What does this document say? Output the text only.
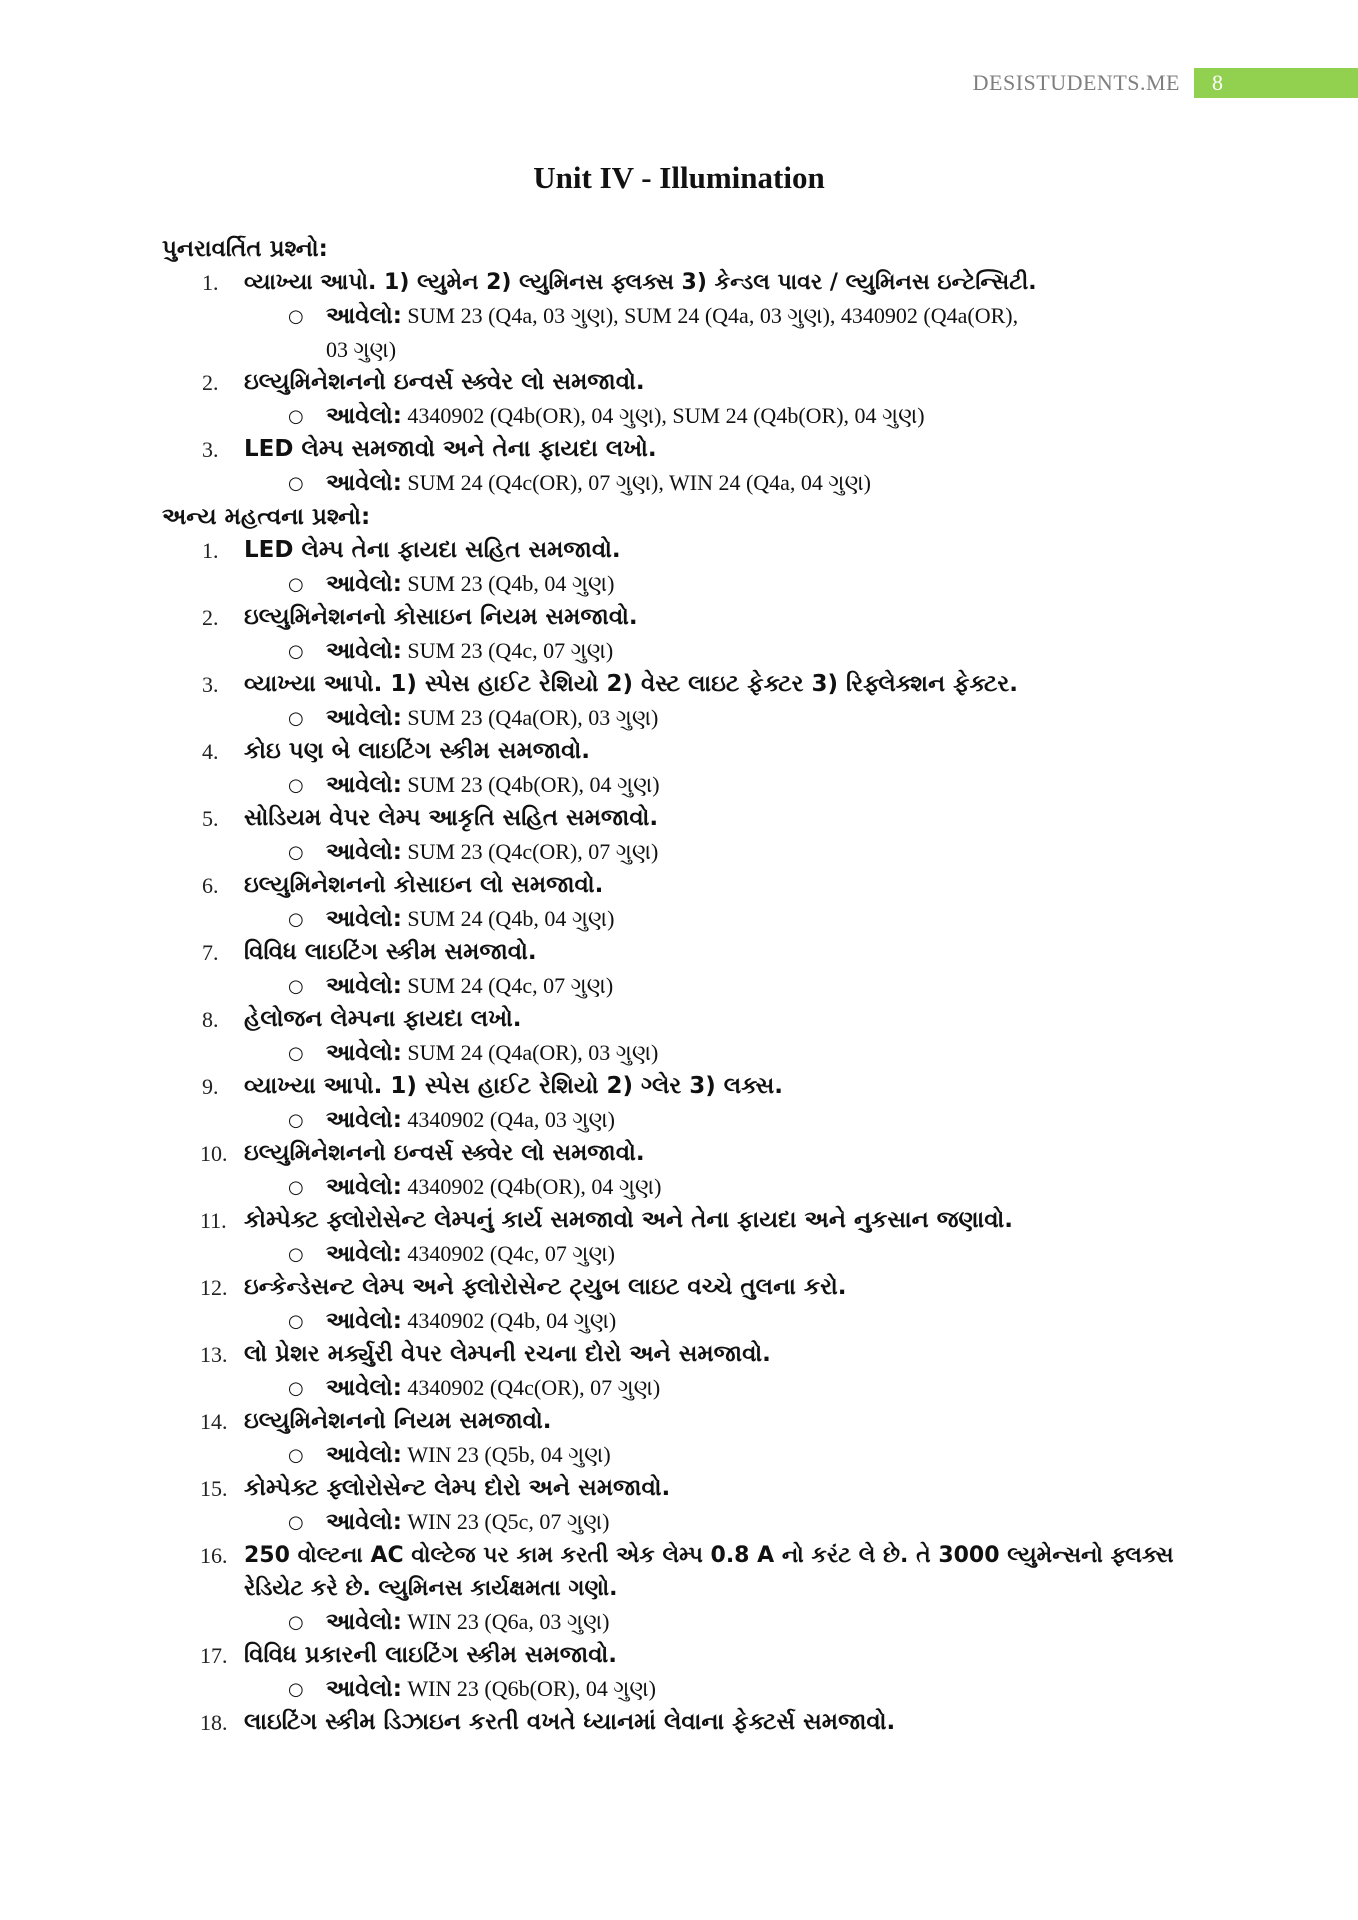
DESISTUDENTS.ME	8
Unit IV - Illumination
પુનરાવર્તિત પ્રશ્નો:
1.	વ્યાખ્યા આપો. 1) લ્યુમેન 2) લ્યુમિનસ ફ્લક્સ 3) કેન્ડલ પાવર / લ્યુમિનસ ઇન્ટેન્સિટી.
○ આવેલો: SUM 23 (Q4a, 03 ગુણ), SUM 24 (Q4a, 03 ગુણ), 4340902 (Q4a(OR), 03 ગુણ)
2.	ઇલ્યુમિનેશનનો ઇન્વર્સ સ્ક્વેર લો સમજાવો.
○ આવેલો: 4340902 (Q4b(OR), 04 ગુણ), SUM 24 (Q4b(OR), 04 ગુણ)
3.	LED લેમ્પ સમજાવો અને તેના ફાયદા લખો.
○ આવેલો: SUM 24 (Q4c(OR), 07 ગુણ), WIN 24 (Q4a, 04 ગુણ)
અન્ય મહત્વના પ્રશ્નો:
1.	LED લેમ્પ તેના ફાયદા સહિત સમજાવો.
○ આવેલો: SUM 23 (Q4b, 04 ગુણ)
2.	ઇલ્યુમિનેશનનો કોસાઇન નિયમ સમજાવો.
○ આવેલો: SUM 23 (Q4c, 07 ગુણ)
3.	વ્યાખ્યા આપો. 1) સ્પેસ હાઈટ રેશિયો 2) વેસ્ટ લાઇટ ફેક્ટર 3) રિફ્લેક્શન ફેક્ટર.
○ આવેલો: SUM 23 (Q4a(OR), 03 ગુણ)
4.	કોઇ પણ બે લાઇટિંગ સ્કીમ સમજાવો.
○ આવેલો: SUM 23 (Q4b(OR), 04 ગુણ)
5.	સોડિયમ વેપર લેમ્પ આકૃતિ સહિત સમજાવો.
○ આવેલો: SUM 23 (Q4c(OR), 07 ગુણ)
6.	ઇલ્યુમિનેશનનો કોસાઇન લો સમજાવો.
○ આવેલો: SUM 24 (Q4b, 04 ગુણ)
7.	વિવિધ લાઇટિંગ સ્કીમ સમજાવો.
○ આવેલો: SUM 24 (Q4c, 07 ગુણ)
8.	હેલોજન લેમ્પના ફાયદા લખો.
○ આવેલો: SUM 24 (Q4a(OR), 03 ગુણ)
9.	વ્યાખ્યા આપો. 1) સ્પેસ હાઈટ રેશિયો 2) ગ્લેર 3) લક્સ.
○ આવેલો: 4340902 (Q4a, 03 ગુણ)
10. ઇલ્યુમિનેશનનો ઇન્વર્સ સ્ક્વેર લો સમજાવો.
○ આવેલો: 4340902 (Q4b(OR), 04 ગુણ)
11. કોમ્પેક્ટ ફ્લોરોસેન્ટ લેમ્પનું કાર્ય સમજાવો અને તેના ફાયદા અને નુકસાન જણાવો.
○ આવેલો: 4340902 (Q4c, 07 ગુણ)
12. ઇન્કેન્ડેસન્ટ લેમ્પ અને ફ્લોરોસેન્ટ ટ્યુબ લાઇટ વચ્ચે તુલના કરો.
○ આવેલો: 4340902 (Q4b, 04 ગુણ)
13. લો પ્રેશર મર્ક્યુરી વેપર લેમ્પની રચના દોરો અને સમજાવો.
○ આવેલો: 4340902 (Q4c(OR), 07 ગુણ)
14. ઇલ્યુમિનેશનનો નિયમ સમજાવો.
○ આવેલો: WIN 23 (Q5b, 04 ગુણ)
15. કોમ્પેક્ટ ફ્લોરોસેન્ટ લેમ્પ દોરો અને સમજાવો.
○ આવેલો: WIN 23 (Q5c, 07 ગુણ)
16. 250 વોલ્ટના AC વોલ્ટેજ પર કામ કરતી એક લેમ્પ 0.8 A નો કરંટ લે છે. તે 3000 લ્યુમેન્સનો ફ્લક્સ રેડિયેટ કરે છે. લ્યુમિનસ કાર્યક્ષમતા ગણો.
○ આવેલો: WIN 23 (Q6a, 03 ગુણ)
17. વિવિધ પ્રકારની લાઇટિંગ સ્કીમ સમજાવો.
○ આવેલો: WIN 23 (Q6b(OR), 04 ગુણ)
18. લાઇટિંગ સ્કીમ ડિઝાઇન કરતી વખતે ધ્યાનમાં લેવાના ફેક્ટર્સ સમજાવો.
